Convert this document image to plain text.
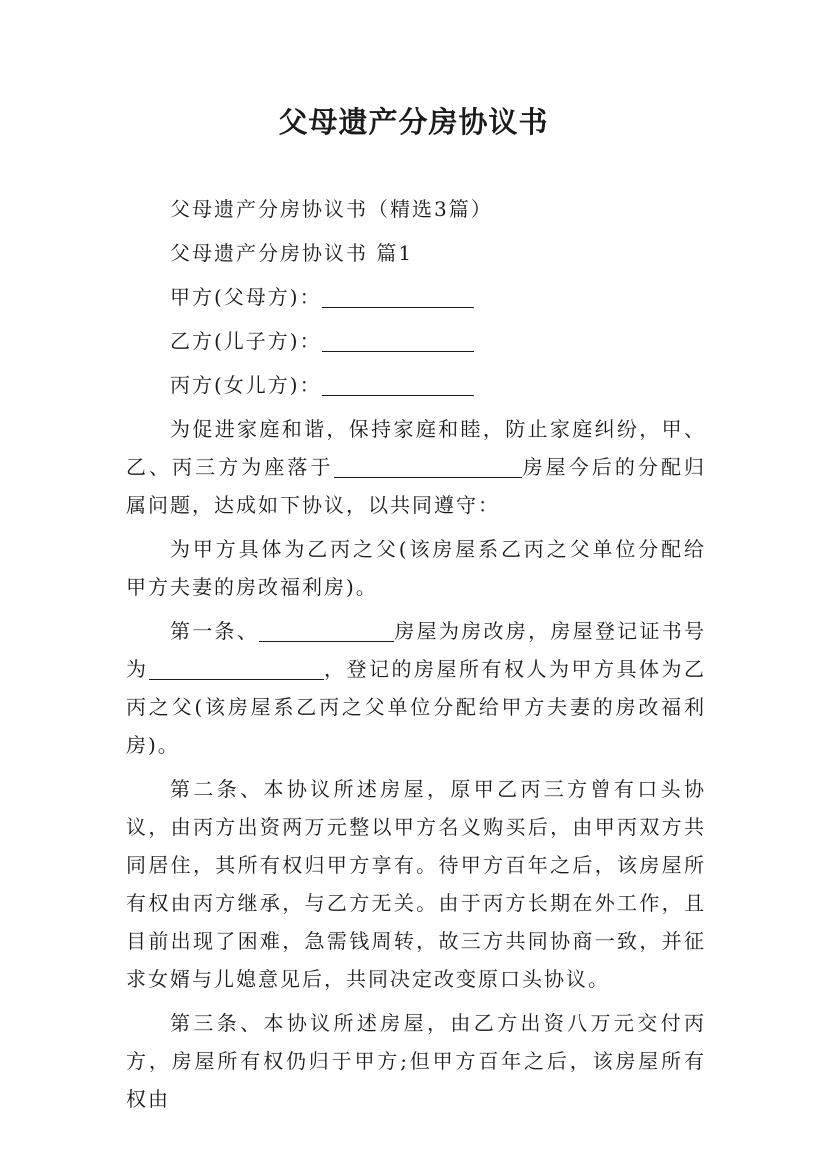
父母遗产分房协议书

父母遗产分房协议书（精选3篇）

父母遗产分房协议书 篇1

甲方(父母方)：

乙方(儿子方)：

丙方(女儿方)：

为促进家庭和谐，保持家庭和睦，防止家庭纠纷，甲、乙、丙三方为座落于	房屋今后的分配归属问题，达成如下协议，以共同遵守：

为甲方具体为乙丙之父(该房屋系乙丙之父单位分配给甲方夫妻的房改福利房)。

第一条、	房屋为房改房，房屋登记证书号为	，登记的房屋所有权人为甲方具体为乙丙之父(该房屋系乙丙之父单位分配给甲方夫妻的房改福利房)。

第二条、本协议所述房屋，原甲乙丙三方曾有口头协议，由丙方出资两万元整以甲方名义购买后，由甲丙双方共同居住，其所有权归甲方享有。待甲方百年之后，该房屋所有权由丙方继承，与乙方无关。由于丙方长期在外工作，且目前出现了困难，急需钱周转，故三方共同协商一致，并征求女婿与儿媳意见后，共同决定改变原口头协议。

第三条、本协议所述房屋，由乙方出资八万元交付丙方，房屋所有权仍归于甲方;但甲方百年之后，该房屋所有权由
